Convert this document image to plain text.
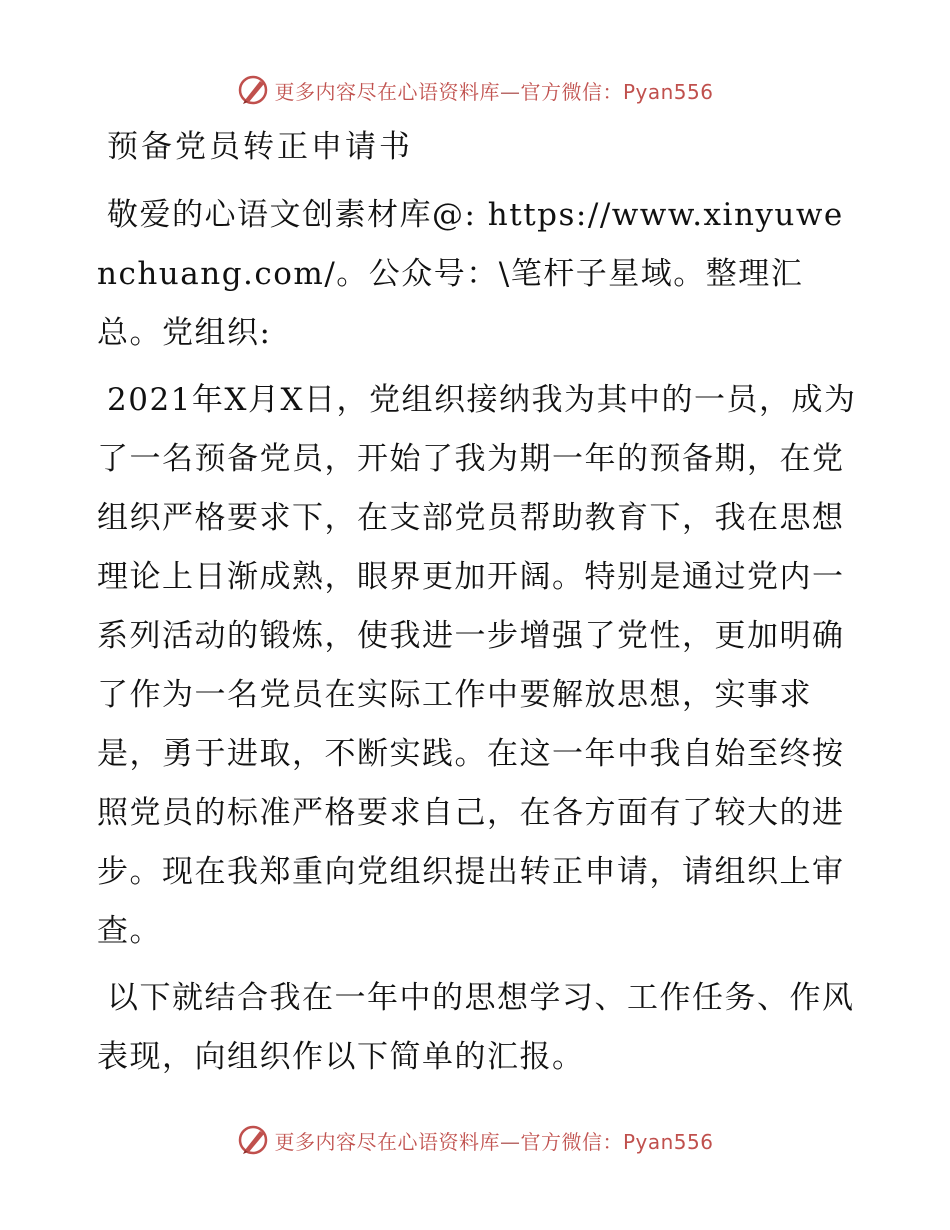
更多内容尽在心语资料库—官方微信：Pyan556
预备党员转正申请书

敬爱的心语文创素材库@: https://www.xinyuwenchuang.com/。公众号：\笔杆子星域。整理汇总。党组织:

2021年X月X日，党组织接纳我为其中的一员，成为了一名预备党员，开始了我为期一年的预备期，在党组织严格要求下，在支部党员帮助教育下，我在思想理论上日渐成熟，眼界更加开阔。特别是通过党内一系列活动的锻炼，使我进一步增强了党性，更加明确了作为一名党员在实际工作中要解放思想，实事求是，勇于进取，不断实践。在这一年中我自始至终按照党员的标准严格要求自己，在各方面有了较大的进步。现在我郑重向党组织提出转正申请，请组织上审查。

以下就结合我在一年中的思想学习、工作任务、作风表现，向组织作以下简单的汇报。

更多内容尽在心语资料库—官方微信：Pyan556
